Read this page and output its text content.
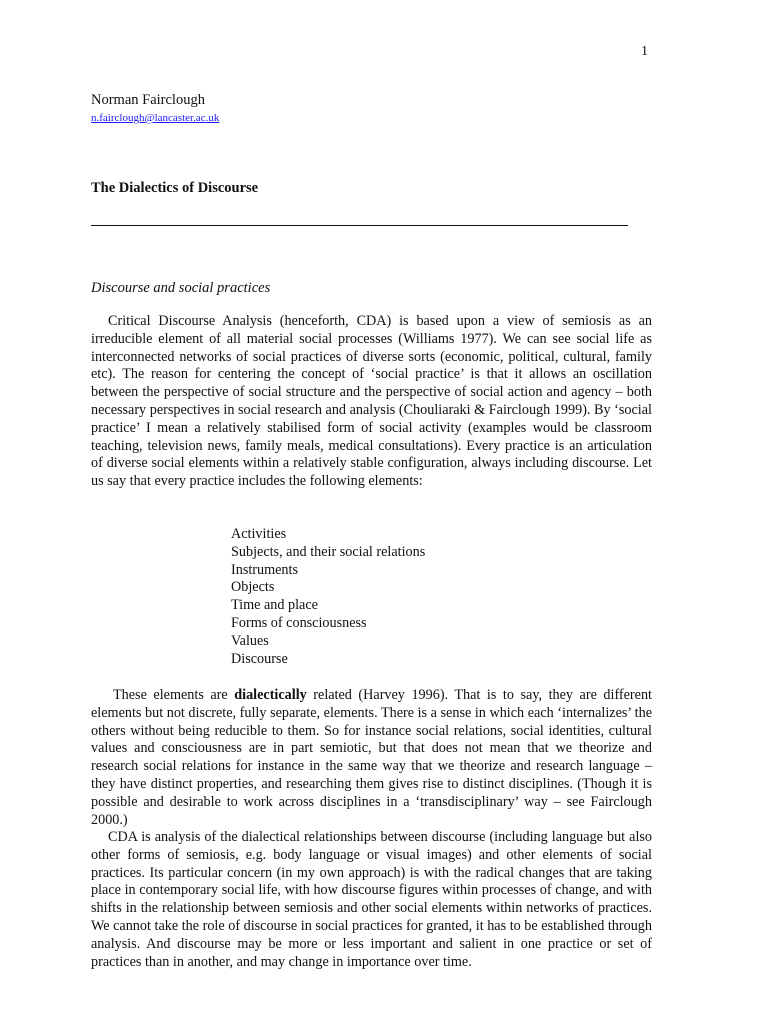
1
Norman Fairclough
n.fairclough@lancaster.ac.uk
The Dialectics of Discourse
Discourse and social practices

Critical Discourse Analysis (henceforth, CDA) is based upon a view of semiosis as an irreducible element of all material social processes (Williams 1977). We can see social life as interconnected networks of social practices of diverse sorts (economic, political, cultural, family etc). The reason for centering the concept of ‘social practice’ is that it allows an oscillation between the perspective of social structure and the perspective of social action and agency – both necessary perspectives in social research and analysis (Chouliaraki & Fairclough 1999). By ‘social practice’ I mean a relatively stabilised form of social activity (examples would be classroom teaching, television news, family meals, medical consultations). Every practice is an articulation of diverse social elements within a relatively stable configuration, always including discourse. Let us say that every practice includes the following elements:

Activities
Subjects, and their social relations
Instruments
Objects
Time and place
Forms of consciousness
Values
Discourse

These elements are dialectically related (Harvey 1996). That is to say, they are different elements but not discrete, fully separate, elements. There is a sense in which each ‘internalizes’ the others without being reducible to them. So for instance social relations, social identities, cultural values and consciousness are in part semiotic, but that does not mean that we theorize and research social relations for instance in the same way that we theorize and research language – they have distinct properties, and researching them gives rise to distinct disciplines. (Though it is possible and desirable to work across disciplines in a ‘transdisciplinary’ way – see Fairclough 2000.)

CDA is analysis of the dialectical relationships between discourse (including language but also other forms of semiosis, e.g. body language or visual images) and other elements of social practices. Its particular concern (in my own approach) is with the radical changes that are taking place in contemporary social life, with how discourse figures within processes of change, and with shifts in the relationship between semiosis and other social elements within networks of practices. We cannot take the role of discourse in social practices for granted, it has to be established through analysis. And discourse may be more or less important and salient in one practice or set of practices than in another, and may change in importance over time.
